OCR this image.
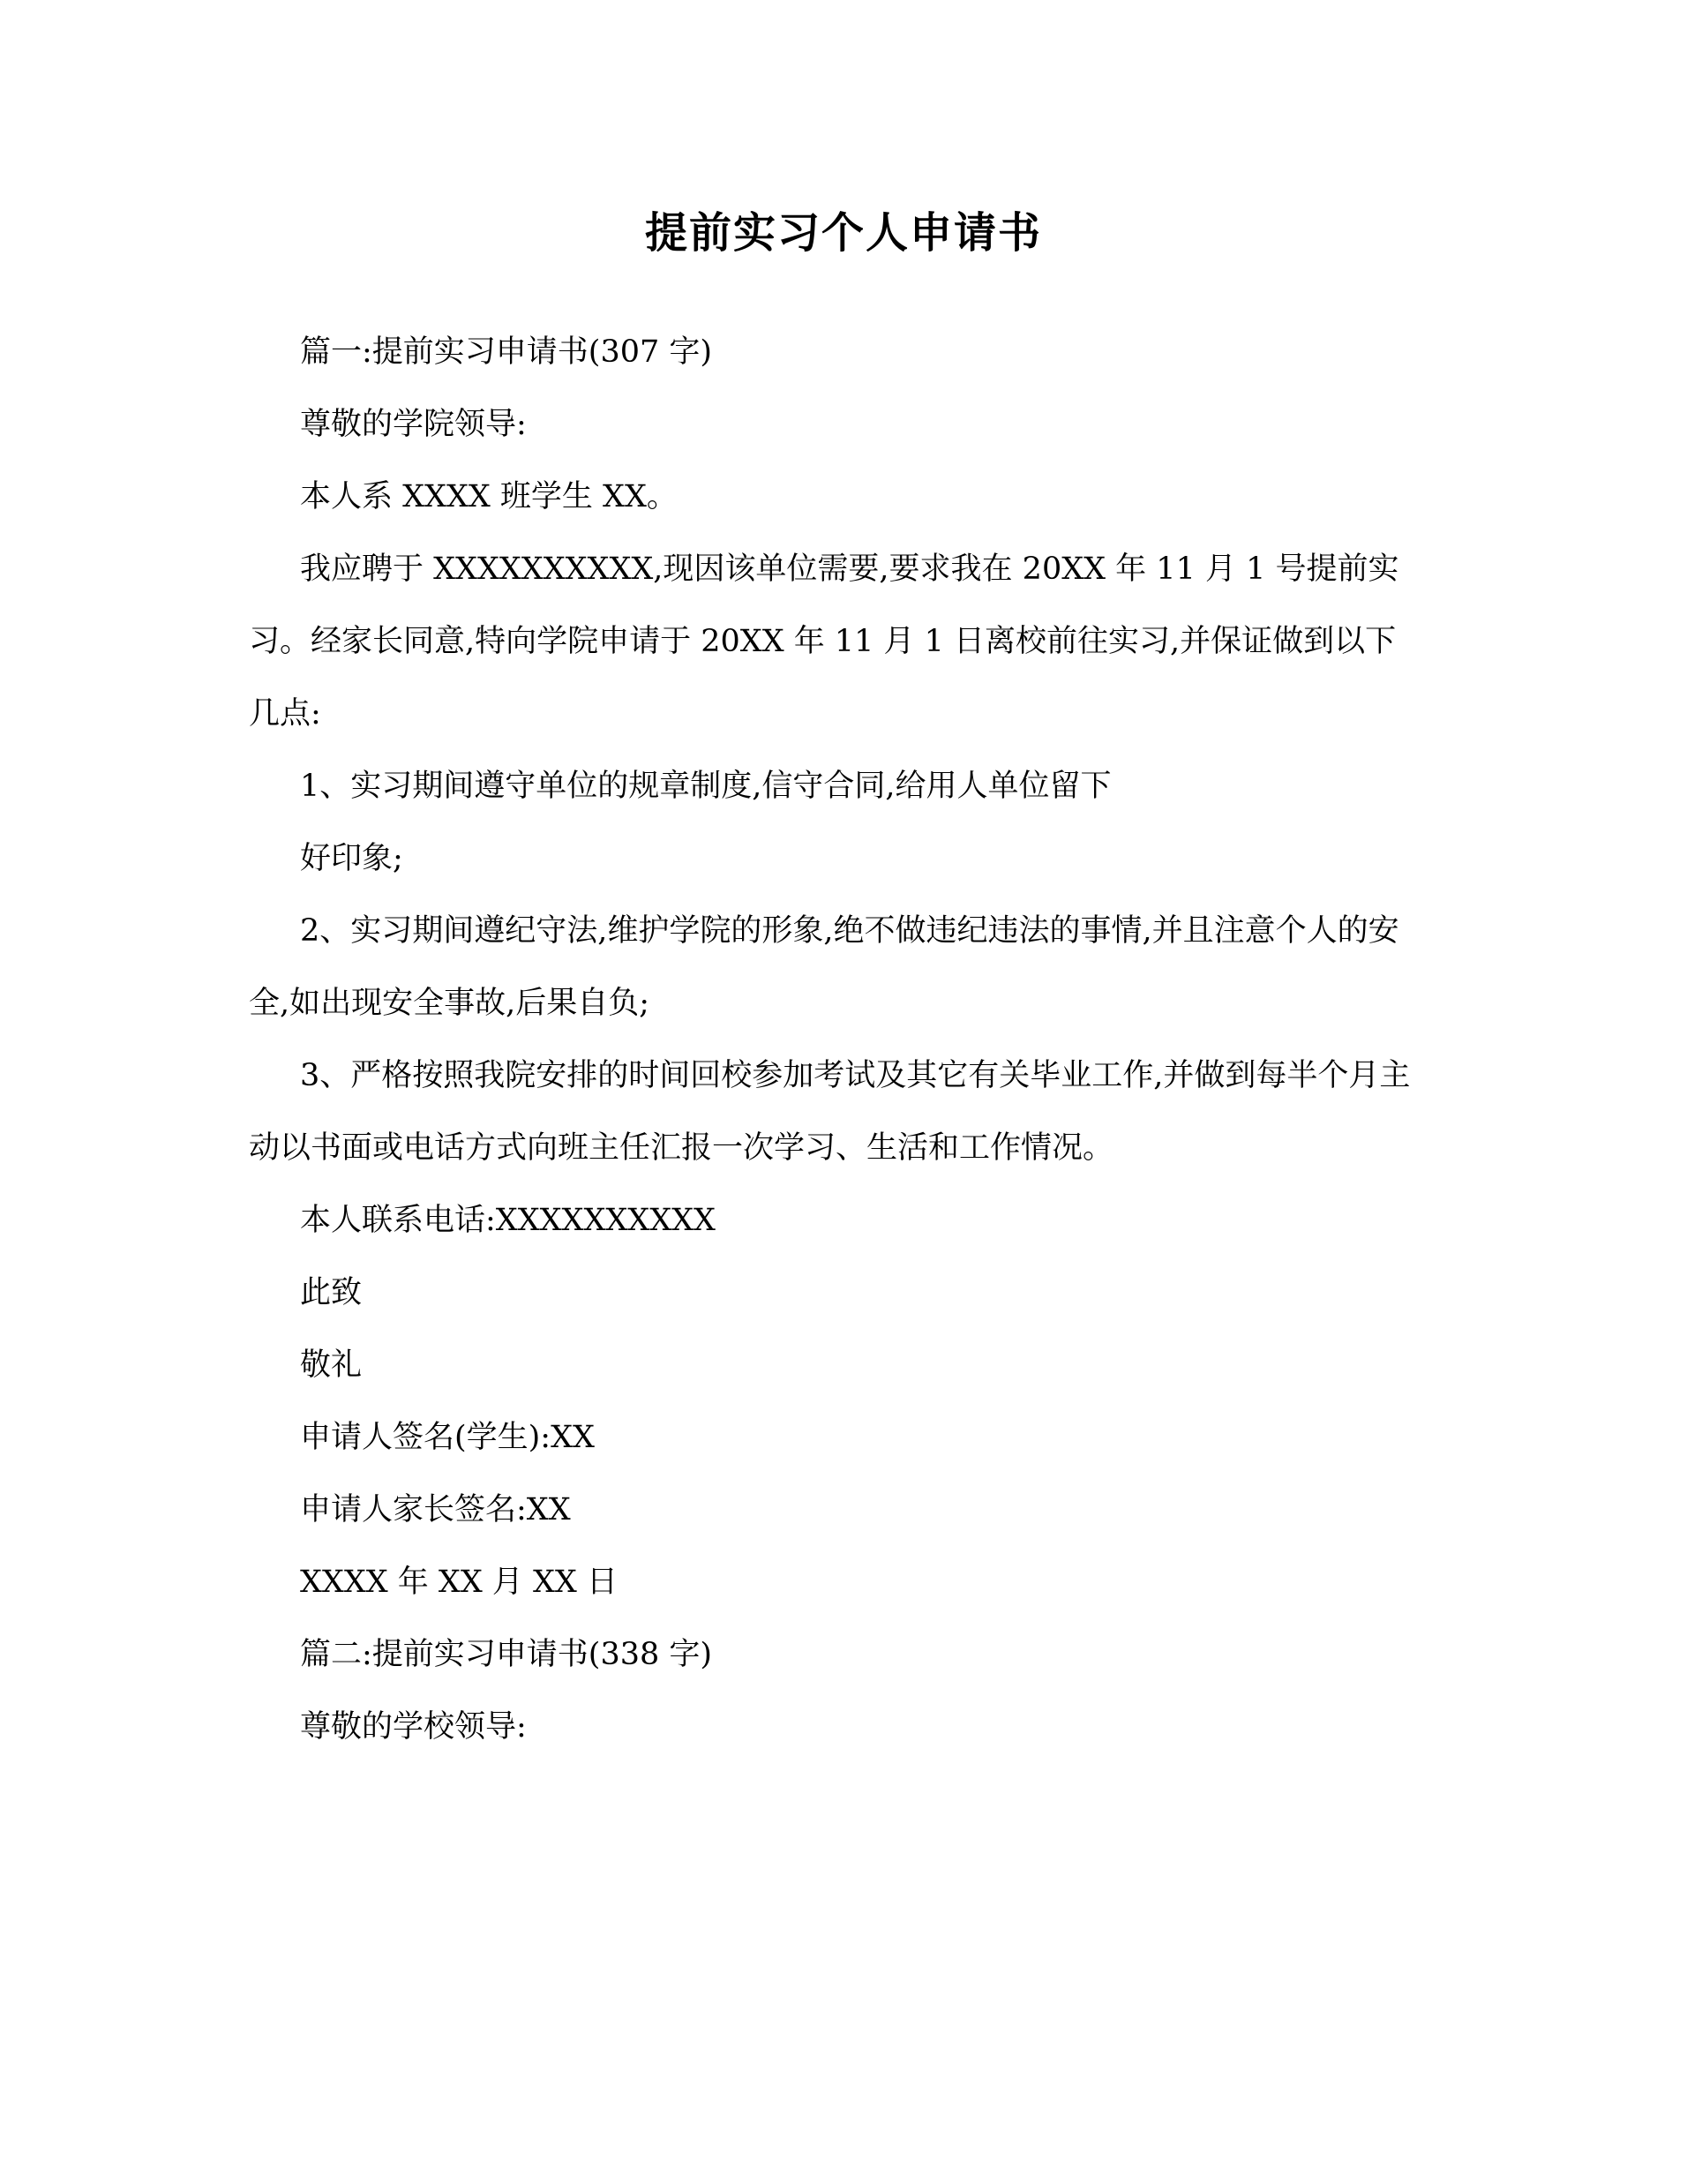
提前实习个人申请书

篇一:提前实习申请书(307 字)

尊敬的学院领导:

本人系 XXXX 班学生 XX。

我应聘于 XXXXXXXXXX,现因该单位需要,要求我在 20XX 年 11 月 1 号提前实习。经家长同意,特向学院申请于 20XX 年 11 月 1 日离校前往实习,并保证做到以下几点:

1、实习期间遵守单位的规章制度,信守合同,给用人单位留下

好印象;

2、实习期间遵纪守法,维护学院的形象,绝不做违纪违法的事情,并且注意个人的安全,如出现安全事故,后果自负;

3、严格按照我院安排的时间回校参加考试及其它有关毕业工作,并做到每半个月主动以书面或电话方式向班主任汇报一次学习、生活和工作情况。

本人联系电话:XXXXXXXXXX

此致

敬礼

申请人签名(学生):XX

申请人家长签名:XX

XXXX 年 XX 月 XX 日

篇二:提前实习申请书(338 字)

尊敬的学校领导:
